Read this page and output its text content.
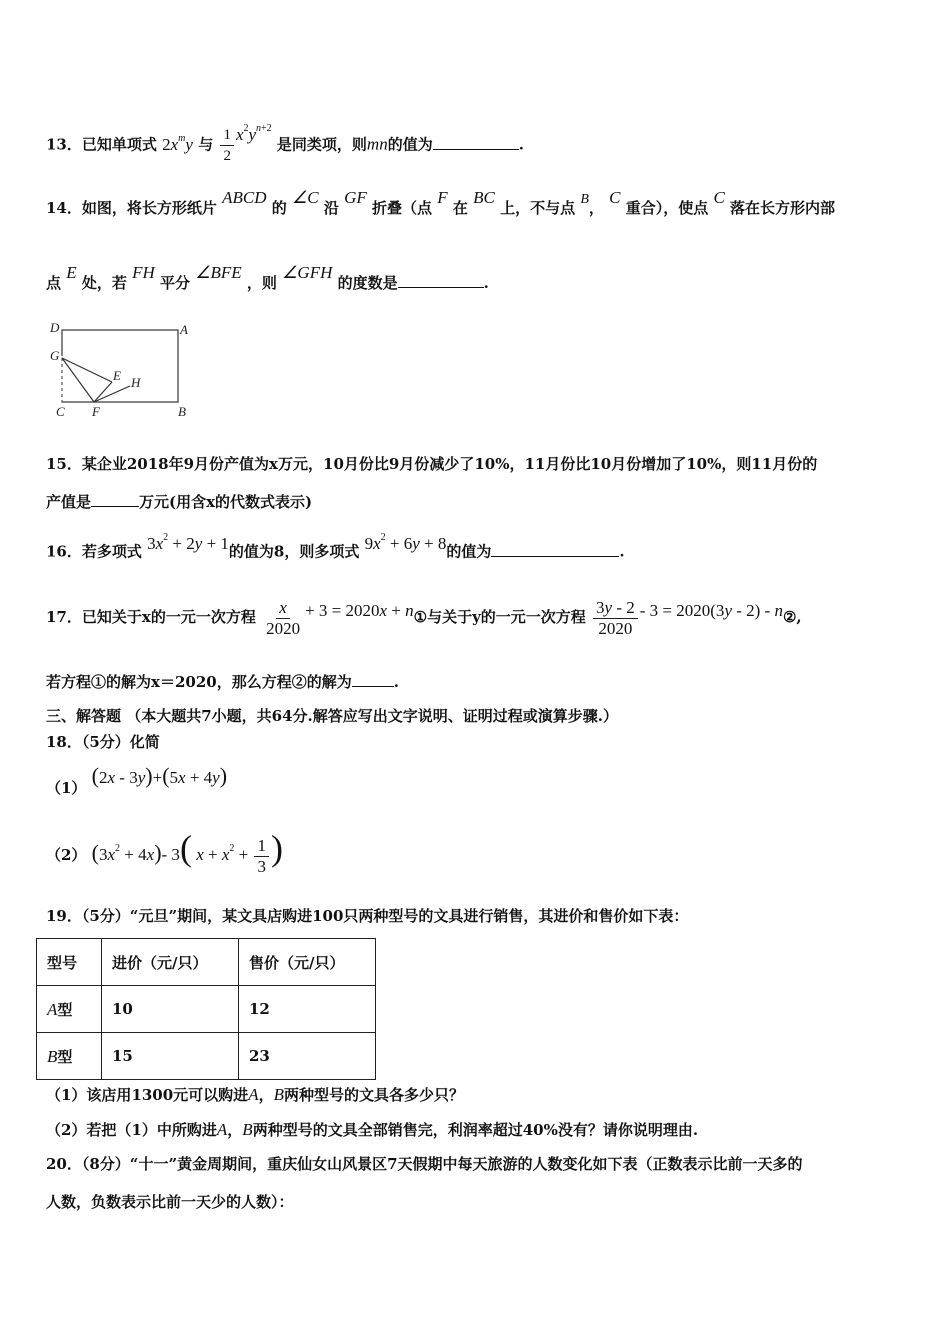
13．已知单项式 $2x^my$ 与 $\frac{1}{2} x^2y^{n+2}$ 是同类项，则mn的值为	.
14．如图，将长方形纸片 ABCD 的 ∠C 沿 GF 折叠（点 F 在 BC 上，不与点 B， C 重合），使点 C 落在长方形内部
点 E 处，若 FH 平分 ∠BFE ，则 ∠GFH 的度数是	.
D	A
G
E H
C F	B
15．某企业2018年9月份产值为x万元，10月份比9月份减少了10%，11月份比10月份增加了10%，则11月份的
产值是	万元(用含x的代数式表示)
16．若多项式 $3x^2 + 2y + 1$的值为8，则多项式 $9x^2 + 6y + 8$的值为	.
17．已知关于x的一元一次方程 $\frac{x}{2020} + 3 = 2020x$ + n①与关于y的一元一次方程 $\frac{3y - 2}{2020} - 3 = 2020(3y - 2)$ - n②,
若方程①的解为x＝2020，那么方程②的解为	.
三、解答题 （本大题共7小题，共64分.解答应写出文字说明、证明过程或演算步骤.）
18．（5分）化简
（1） (2x - 3y)+(5x + 4y)
（2） $(3x^2 + 4x)-$ 3( $x + x^2 + \frac{1}{3}$ )
19．（5分）“元旦”期间，某文具店购进100只两种型号的文具进行销售，其进价和售价如下表：
型号	进价（元/只）	售价（元/只）
A型	10	12
B型	15	23
（1）该店用1300元可以购进A，B两种型号的文具各多少只？
（2）若把（1）中所购进A，B两种型号的文具全部销售完，利润率超过40%没有？请你说明理由.
20．（8分）“十一”黄金周期间，重庆仙女山风景区7天假期中每天旅游的人数变化如下表（正数表示比前一天多的
人数，负数表示比前一天少的人数）：
